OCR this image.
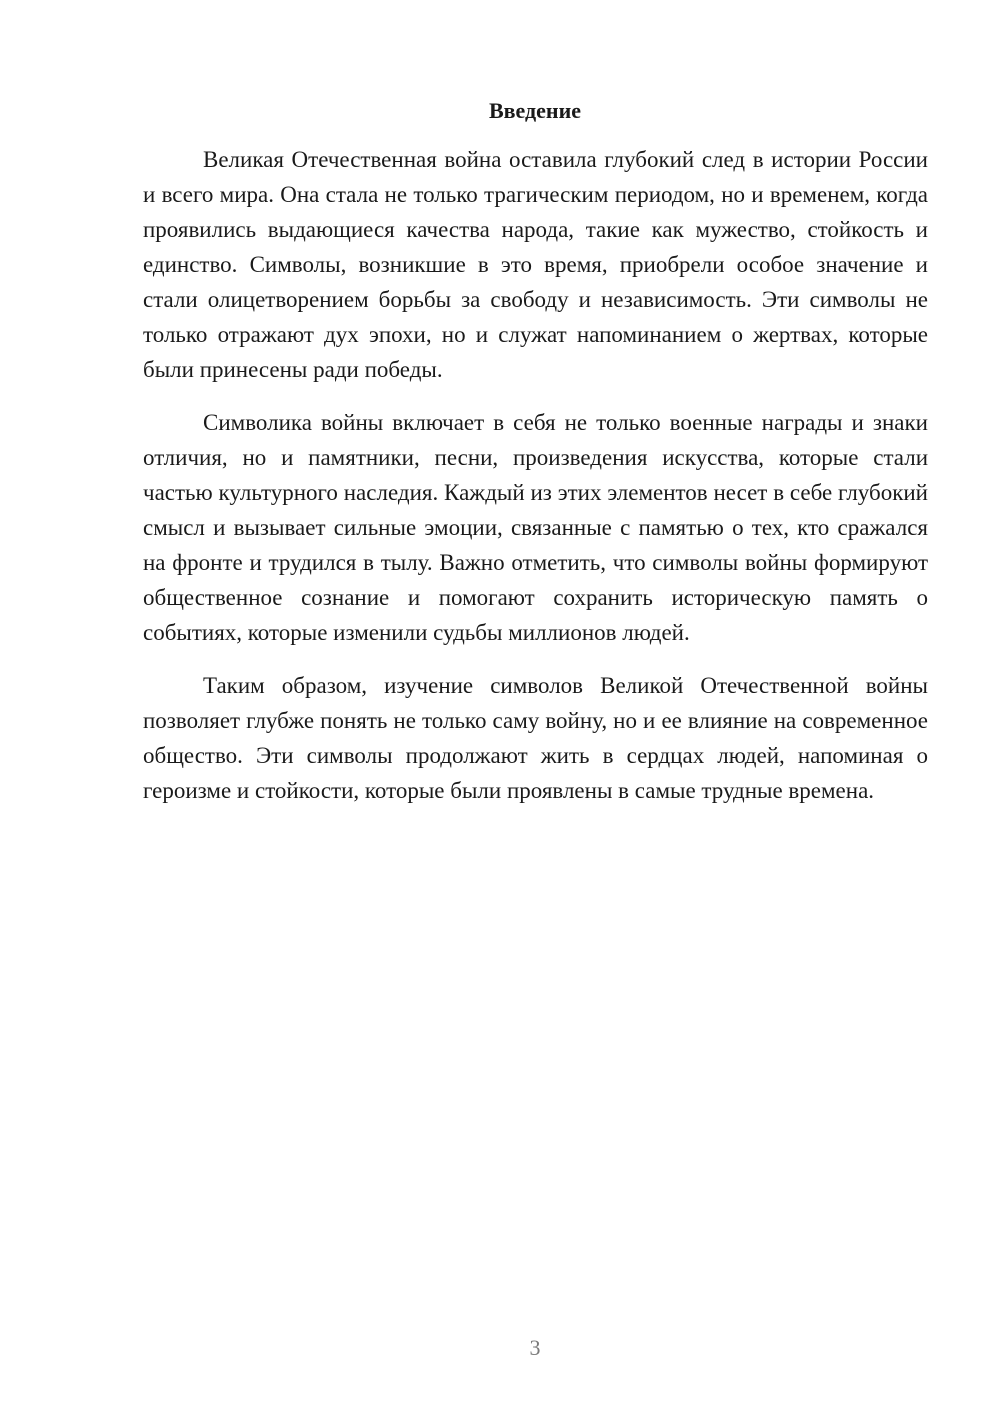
Введение

Великая Отечественная война оставила глубокий след в истории России и всего мира. Она стала не только трагическим периодом, но и временем, когда проявились выдающиеся качества народа, такие как мужество, стойкость и единство. Символы, возникшие в это время, приобрели особое значение и стали олицетворением борьбы за свободу и независимость. Эти символы не только отражают дух эпохи, но и служат напоминанием о жертвах, которые были принесены ради победы.

Символика войны включает в себя не только военные награды и знаки отличия, но и памятники, песни, произведения искусства, которые стали частью культурного наследия. Каждый из этих элементов несет в себе глубокий смысл и вызывает сильные эмоции, связанные с памятью о тех, кто сражался на фронте и трудился в тылу. Важно отметить, что символы войны формируют общественное сознание и помогают сохранить историческую память о событиях, которые изменили судьбы миллионов людей.

Таким образом, изучение символов Великой Отечественной войны позволяет глубже понять не только саму войну, но и ее влияние на современное общество. Эти символы продолжают жить в сердцах людей, напоминая о героизме и стойкости, которые были проявлены в самые трудные времена.

3
